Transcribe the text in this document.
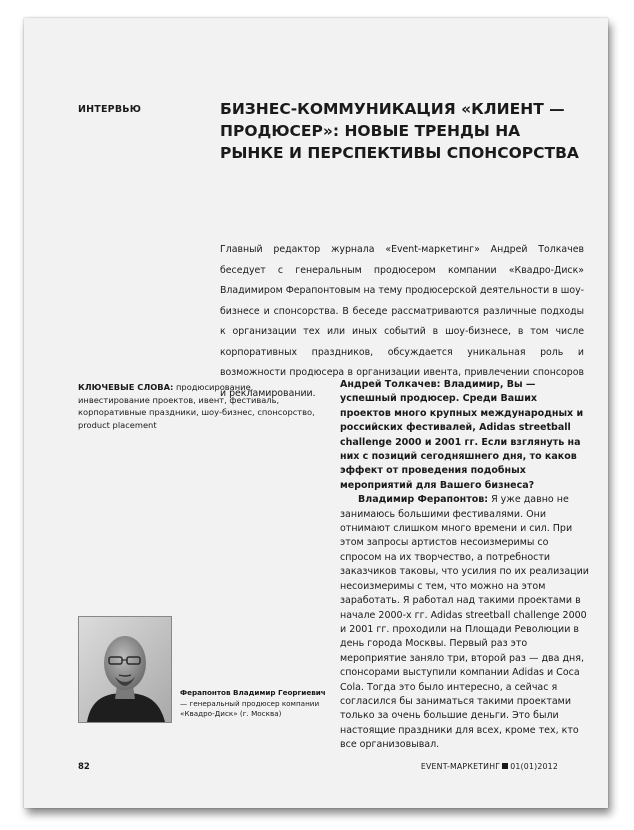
ИНТЕРВЬЮ	БИЗНЕС-КОММУНИКАЦИЯ «КЛИЕНТ — ПРОДЮСЕР»: НОВЫЕ ТРЕНДЫ НА РЫНКЕ И ПЕРСПЕКТИВЫ СПОНСОРСТВА
Главный редактор журнала «Event-маркетинг» Андрей Толкачев беседует с генеральным продюсером компании «Квадро-Диск» Владимиром Ферапонтовым на тему продюсерской деятельности в шоу-бизнесе и спонсорства. В беседе рассматриваются различные подходы к организации тех или иных событий в шоу-бизнесе, в том числе корпоративных праздников, обсуждается уникальная роль и возможности продюсера в организации ивента, привлечении спонсоров и рекламировании.
КЛЮЧЕВЫЕ СЛОВА: продюсирование, инвестирование проектов, ивент, фестиваль, корпоративные праздники, шоу-бизнес, спонсорство, product placement
Андрей Толкачев: Владимир, Вы — успешный продюсер. Среди Ваших проектов много крупных международных и российских фестивалей, Adidas streetball challenge 2000 и 2001 гг. Если взглянуть на них с позиций сегодняшнего дня, то каков эффект от проведения подобных мероприятий для Вашего бизнеса?
Владимир Ферапонтов: Я уже давно не занимаюсь большими фестивалями. Они отнимают слишком много времени и сил. При этом запросы артистов несоизмеримы со спросом на их творчество, а потребности заказчиков таковы, что усилия по их реализации несоизмеримы с тем, что можно на этом заработать. Я работал над такими проектами в начале 2000-х гг. Adidas streetball challenge 2000 и 2001 гг. проходили на Площади Революции в день города Москвы. Первый раз это мероприятие заняло три, второй раз — два дня, спонсорами выступили компании Adidas и Coca Cola. Тогда это было интересно, а сейчас я согласился бы заниматься такими проектами только за очень большие деньги. Это были настоящие праздники для всех, кроме тех, кто все организовывал.
Ферапонтов Владимир Георгиевич — генеральный продюсер компании «Квадро-Диск» (г. Москва)
82	EVENT-МАРКЕТИНГ 01(01)2012
